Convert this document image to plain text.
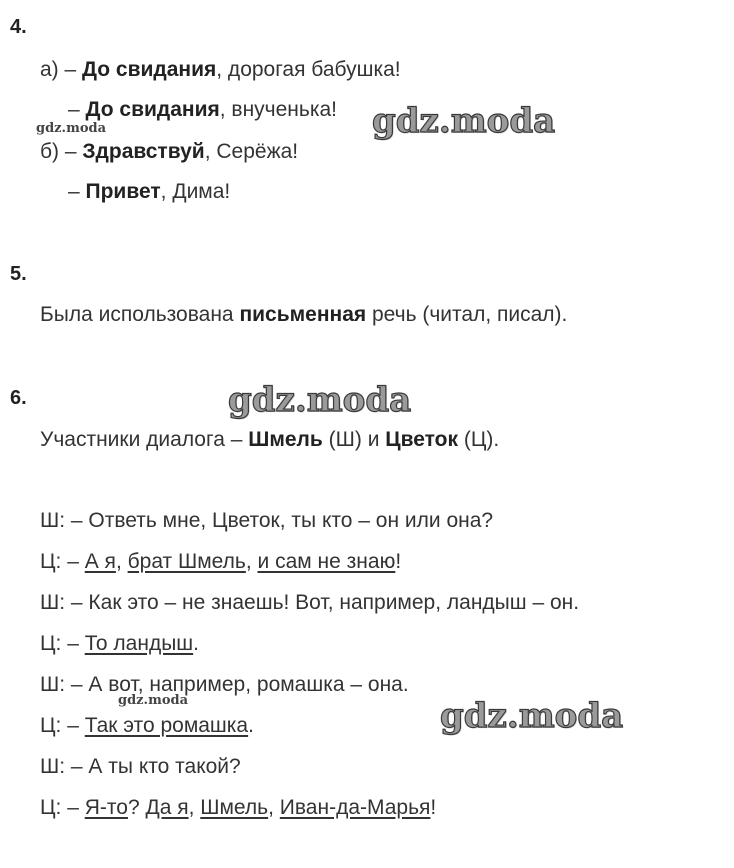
4.
а) – До свидания, дорогая бабушка!
– До свидания, внученька!
б) – Здравствуй, Серёжа!
– Привет, Дима!
5.
Была использована письменная речь (читал, писал).
6.
Участники диалога – Шмель (Ш) и Цветок (Ц).
Ш: – Ответь мне, Цветок, ты кто – он или она?
Ц: – А я, брат Шмель, и сам не знаю!
Ш: – Как это – не знаешь! Вот, например, ландыш – он.
Ц: – То ландыш.
Ш: – А вот, например, ромашка – она.
Ц: – Так это ромашка.
Ш: – А ты кто такой?
Ц: – Я-то? Да я, Шмель, Иван-да-Марья!
gdz.moda
gdz.moda
gdz.moda
gdz.moda	gdz.moda
